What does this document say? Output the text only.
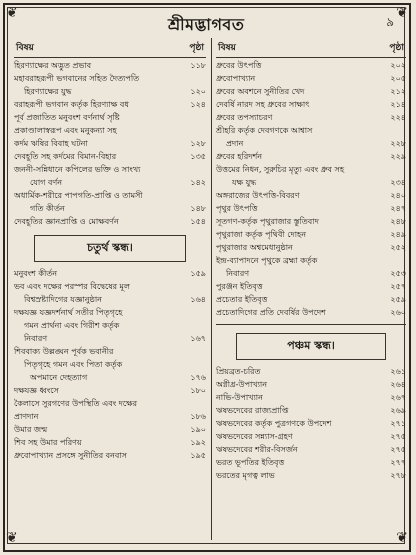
❦	❦
❦	❦
শ্রীমদ্ভাগবত	৯
বিষয়	পৃষ্ঠা
হিরণ্যাক্ষের অদ্ভুত প্রভাব	১১৮
মহাবরাহরূপী ভগবানের সহিত দৈত্যপতি
হিরণ্যাক্ষের যুদ্ধ	১২০
বরাহরূপী ভগবান কর্তৃক হিরণ্যাক্ষ বধ	১২৪
পূর্ব প্রজাতিত মনুবংশ বর্ণনার্থ সৃষ্টি
প্রকাণ্ডালাস্বরূপ এবং মনুকন্যা সহ
কর্দম ঋষির বিবাহ ঘটনা	১২৮
দেবহূতি সহ কর্দমের বিমান-বিহার	১৩৫
জননী-সন্নিধানে কপিলের ভক্তি ও সাংখ্য
যোগ বর্ণন	১৪২
অধার্মিক-শরীরে পাপগতি-প্রাপ্তি ও তামসী
গতি কীর্তন	১৪৮
দেবহূতির জ্ঞানপ্রাপ্তি ও মোক্ষবর্ণন	১৫৪
চতুর্থ স্কন্ধ।
মনুবংশ কীর্তন	১৫৯
ভব এবং দক্ষের পরস্পর বিদ্বেষের মূল
বিশ্বস্রষ্টাদিগের যজ্ঞানুষ্ঠান	১৬৪
দক্ষযজ্ঞ যজ্ঞদর্শনার্থ সতীর পিতৃগৃহে
গমন প্রার্থনা এবং গিরীশ কর্তৃক
নিবারণ	১৬৭
শিববাক্য উল্লঙ্ঘন পূর্বক ভবানীর
পিতৃগৃহে গমন এবং পিতা কর্তৃক
অপমানে দেহত্যাগ	১৭৬
দক্ষযজ্ঞ ধ্বংসে	১৮০
কৈলাসে সুরগণের উপস্থিতি এবং দক্ষের
প্রাণদান	১৮৬
উমার জন্ম	১৯০
শিব সহ উমার পরিণয়	১৯২
ধ্রুবোপাখ্যান প্রসঙ্গে সুনীতির বনবাস	১৯৫
বিষয়	পৃষ্ঠা
ধ্রুবের উৎপত্তি	২০২
ধ্রুবোপাখ্যান	২০৫
ধ্রুবের অবশনে সুনীতির খেদ	২১২
দেবর্ষি নারদ সহ ধ্রুবের সাক্ষাৎ	২১৪
ধ্রুবের তপস্যাচরণ	২২৪
শ্রীহরি কর্তৃক দেবগণকে আশ্বাস
প্রদান	২২৮
ধ্রুবের হরিদর্শন	২২৯
উত্তমের নিধন, সুরুচির মৃত্যু এবং ধ্রুব সহ
যক্ষ যুদ্ধ	২৩৪
অঙ্গরাজের উৎপত্তি-বিবরণ	২৪০
পৃথুর উৎপত্তি	২৪৭
সূতগণ-কর্তৃক পৃথুরাজার স্তুতিবাদ	২৪৮
পৃথুরাজা কর্তৃক পৃথিবী দোহন	২৪৯
পৃথুরাজার অশ্বমেধানুষ্ঠান	২৫২
ইন্দ্র-ব্যাপাদনে পৃথুকে ব্রহ্মা কর্তৃক
নিবারণ	২৫৩
পুরঞ্জন ইতিবৃত্ত	২৫৭
প্রচেতার ইতিবৃত্ত	২৫৯
প্রচেতাদিগের প্রতি দেবর্ষির উপদেশ	২৬০
পঞ্চম স্কন্ধ।
প্রিয়ব্রত-চরিত	২৬১
অগ্নীধ্র-উপাখ্যান	২৬৪
নাভি-উপাখ্যান	২৬৭
ঋষভদেবের রাজ্যপ্রাপ্তি	২৬৯
ঋষভদেবের কর্তৃক পুত্রগণকে উপদেশ	২৭১
ঋষভদেবের সন্ন্যাস-গ্রহণ	২৭৫
ঋষভদেবের শরীর-বিসর্জন	২৭৫
ভরত ভূপতির ইতিবৃত্ত	২৭৭
ভরতের মৃগত্ব লাভ	২৭৮
